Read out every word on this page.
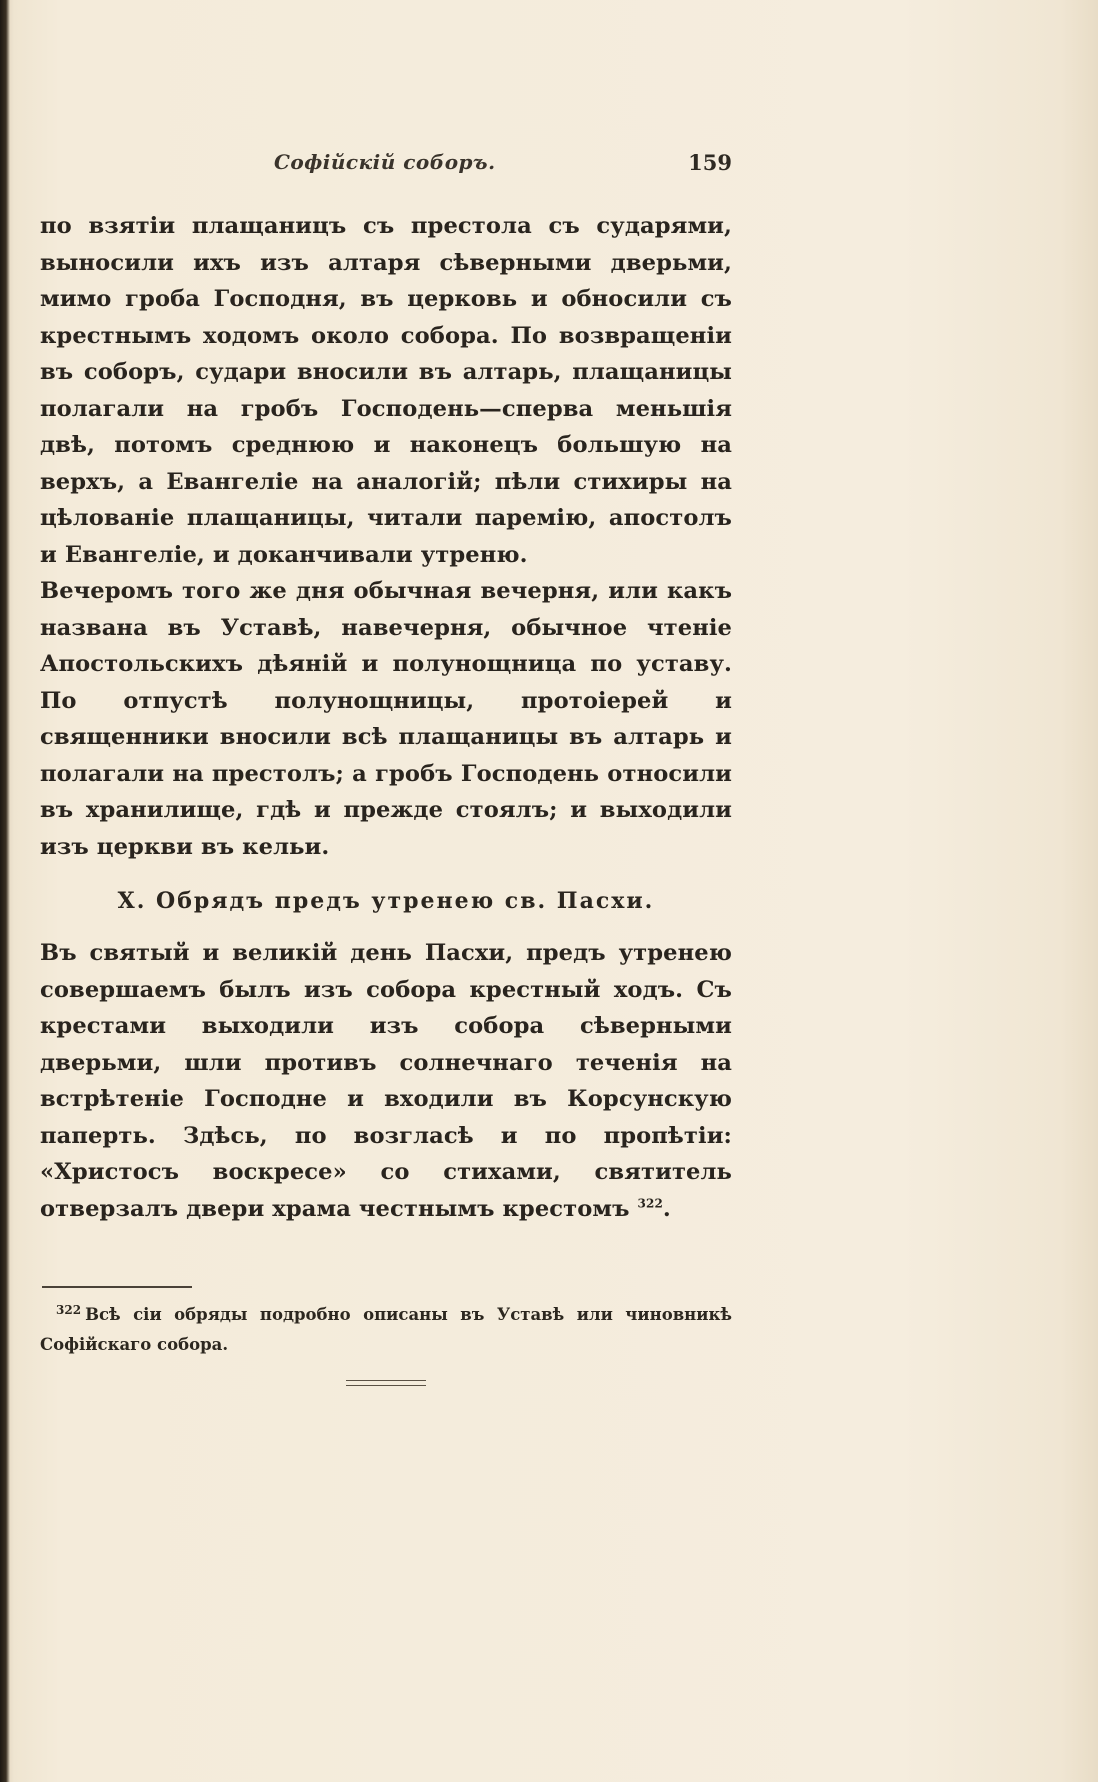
Софійскій соборъ.	159

по взятіи плащаницъ съ престола съ сударями, выносили ихъ изъ алтаря сѣверными дверьми, мимо гроба Господня, въ церковь и обносили съ крестнымъ ходомъ около собора. По возвращеніи въ соборъ, судари вносили въ алтарь, плащаницы полагали на гробъ Господень—сперва меньшія двѣ, потомъ среднюю и наконецъ большую на верхъ, а Евангеліе на аналогій; пѣли стихиры на цѣлованіе плащаницы, читали паремію, апостолъ и Евангеліе, и доканчивали утреню.

Вечеромъ того же дня обычная вечерня, или какъ названа въ Уставѣ, навечерня, обычное чтеніе Апостольскихъ дѣяній и полунощница по уставу. По отпустѣ полунощницы, протоіерей и священники вносили всѣ плащаницы въ алтарь и полагали на престолъ; а гробъ Господень относили въ хранилище, гдѣ и прежде стоялъ; и выходили изъ церкви въ кельи.

X. Обрядъ предъ утренею св. Пасхи.

Въ святый и великій день Пасхи, предъ утренею совершаемъ былъ изъ собора крестный ходъ. Съ крестами выходили изъ собора сѣверными дверьми, шли противъ солнечнаго теченія на встрѣтеніе Господне и входили въ Корсунскую паперть. Здѣсь, по возгласѣ и по пропѣтіи: «Христосъ воскресе» со стихами, святитель отверзалъ двери храма честнымъ крестомъ $^{322}$.

$^{322}$ Всѣ сіи обряды подробно описаны въ Уставѣ или чиновникѣ Софійскаго собора.
